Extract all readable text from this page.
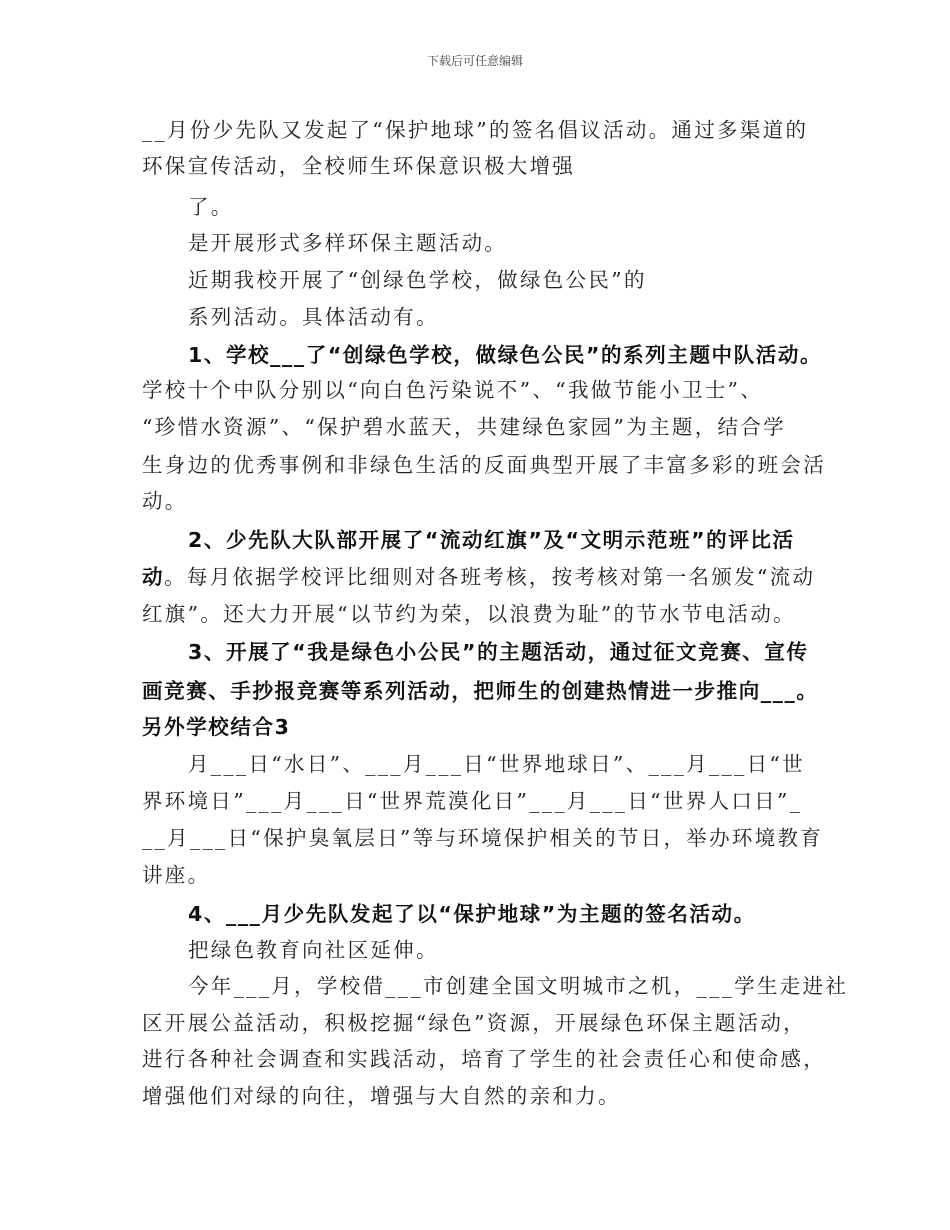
下载后可任意编辑
__月份少先队又发起了“保护地球”的签名倡议活动。通过多渠道的
环保宣传活动，全校师生环保意识极大增强
了。
是开展形式多样环保主题活动。
近期我校开展了“创绿色学校，做绿色公民”的
系列活动。具体活动有。
1、学校___了“创绿色学校，做绿色公民”的系列主题中队活动。
学校十个中队分别以“向白色污染说不”、“我做节能小卫士”、
“珍惜水资源”、“保护碧水蓝天，共建绿色家园”为主题，结合学
生身边的优秀事例和非绿色生活的反面典型开展了丰富多彩的班会活
动。
2、少先队大队部开展了“流动红旗”及“文明示范班”的评比活
动。每月依据学校评比细则对各班考核，按考核对第一名颁发“流动
红旗”。还大力开展“以节约为荣，以浪费为耻”的节水节电活动。
3、开展了“我是绿色小公民”的主题活动，通过征文竞赛、宣传
画竞赛、手抄报竞赛等系列活动，把师生的创建热情进一步推向___。
另外学校结合3
月___日“水日”、___月___日“世界地球日”、___月___日“世
界环境日”___月___日“世界荒漠化日”___月___日“世界人口日”_
__月___日“保护臭氧层日”等与环境保护相关的节日，举办环境教育
讲座。
4、___月少先队发起了以“保护地球”为主题的签名活动。
把绿色教育向社区延伸。
今年___月，学校借___市创建全国文明城市之机，___学生走进社
区开展公益活动，积极挖掘“绿色”资源，开展绿色环保主题活动，
进行各种社会调查和实践活动，培育了学生的社会责任心和使命感，
增强他们对绿的向往，增强与大自然的亲和力。
